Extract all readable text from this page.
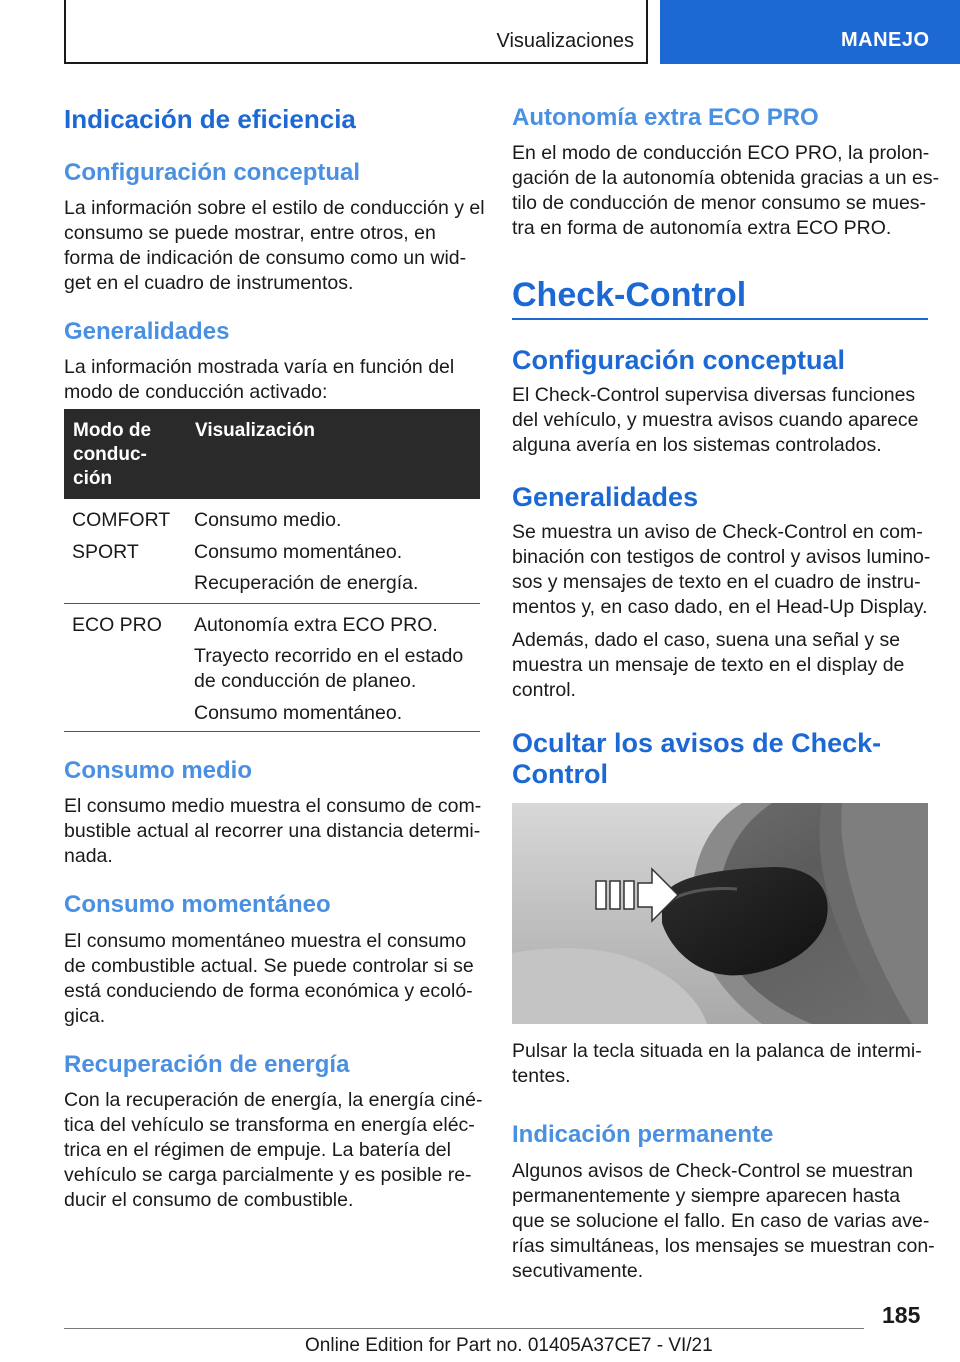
Visualizaciones	MANEJO
Indicación de eficiencia
Configuración conceptual

La información sobre el estilo de conducción y el

consumo se puede mostrar, entre otros, en

forma de indicación de consumo como un wid-

get en el cuadro de instrumentos.

Generalidades

La información mostrada varía en función del

modo de conducción activado:

Modo de
conduc-
ción
Visualización
COMFORT
SPORT
Consumo medio.
Consumo momentáneo.
Recuperación de energía.
ECO PRO Autonomía extra ECO PRO.
Trayecto recorrido en el estado
de conducción de planeo.
Consumo momentáneo.
Consumo medio

El consumo medio muestra el consumo de com-

bustible actual al recorrer una distancia determi-

nada.

Consumo momentáneo

El consumo momentáneo muestra el consumo

de combustible actual. Se puede controlar si se

está conduciendo de forma económica y ecoló-

gica.

Recuperación de energía

Con la recuperación de energía, la energía ciné-

tica del vehículo se transforma en energía eléc-

trica en el régimen de empuje. La batería del

vehículo se carga parcialmente y es posible re-

ducir el consumo de combustible.

Autonomía extra ECO PRO

En el modo de conducción ECO PRO, la prolon-

gación de la autonomía obtenida gracias a un es-

tilo de conducción de menor consumo se mues-

tra en forma de autonomía extra ECO PRO.

Check-Control
Configuración conceptual

El Check-Control supervisa diversas funciones

del vehículo, y muestra avisos cuando aparece

alguna avería en los sistemas controlados.

Generalidades

Se muestra un aviso de Check-Control en com-

binación con testigos de control y avisos lumino-

sos y mensajes de texto en el cuadro de instru-

mentos y, en caso dado, en el Head-Up Display.

Además, dado el caso, suena una señal y se

muestra un mensaje de texto en el display de

control.

Ocultar los avisos de Check-
Control

Pulsar la tecla situada en la palanca de intermi-

tentes.

Indicación permanente

Algunos avisos de Check-Control se muestran

permanentemente y siempre aparecen hasta

que se solucione el fallo. En caso de varias ave-

rías simultáneas, los mensajes se muestran con-

secutivamente.

185
Online Edition for Part no. 01405A37CE7 - VI/21
